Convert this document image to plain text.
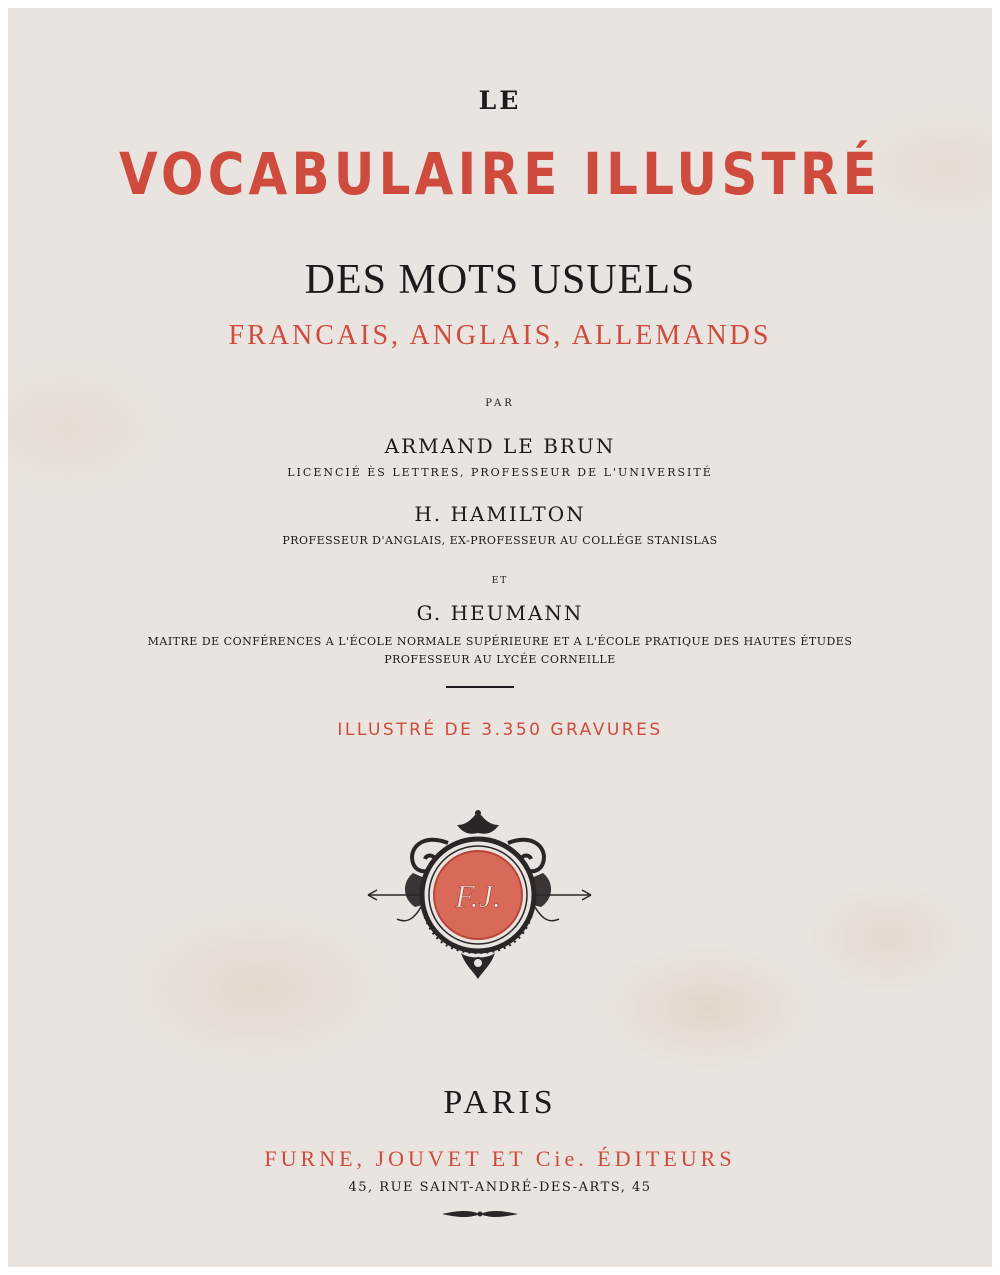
LE
VOCABULAIRE ILLUSTRÉ
DES MOTS USUELS
FRANCAIS, ANGLAIS, ALLEMANDS
PAR
ARMAND LE BRUN
LICENCIÉ ÈS LETTRES, PROFESSEUR DE L'UNIVERSITÉ
H. HAMILTON
PROFESSEUR D'ANGLAIS, EX-PROFESSEUR AU COLLÉGE STANISLAS
ET
G. HEUMANN
MAITRE DE CONFÉRENCES A L'ÉCOLE NORMALE SUPÉRIEURE ET A L'ÉCOLE PRATIQUE DES HAUTES ÉTUDES
PROFESSEUR AU LYCÉE CORNEILLE
ILLUSTRÉ DE 3.350 GRAVURES
F.J.
PARIS
FURNE, JOUVET ET Cie. ÉDITEURS
45, RUE SAINT-ANDRÉ-DES-ARTS, 45
